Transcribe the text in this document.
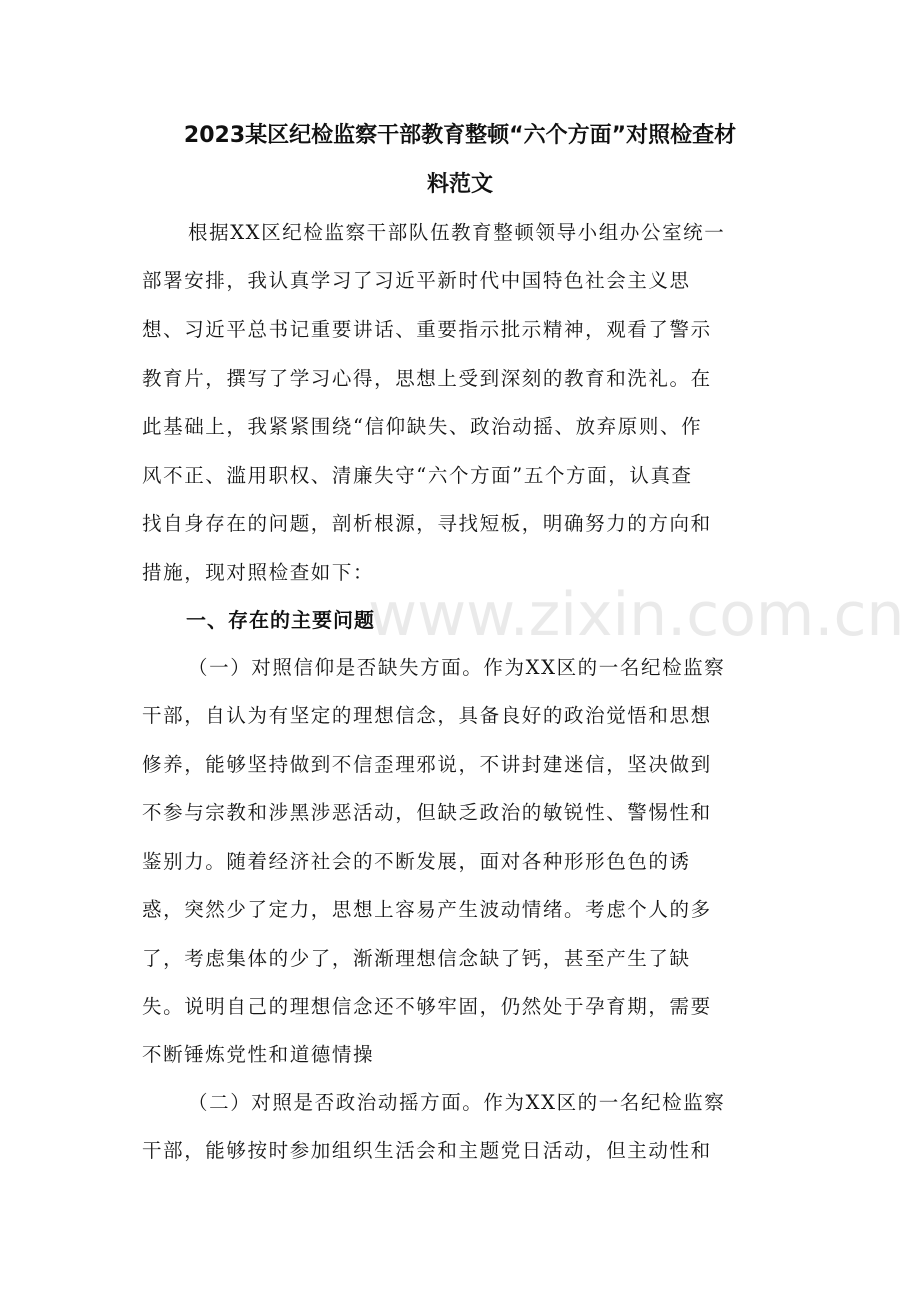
2023某区纪检监察干部教育整顿“六个方面”对照检查材
料范文
根据XX区纪检监察干部队伍教育整顿领导小组办公室统一
部署安排，我认真学习了习近平新时代中国特色社会主义思
想、习近平总书记重要讲话、重要指示批示精神，观看了警示
教育片，撰写了学习心得，思想上受到深刻的教育和洗礼。在
此基础上，我紧紧围绕“信仰缺失、政治动摇、放弃原则、作
风不正、滥用职权、清廉失守“六个方面”五个方面，认真查
找自身存在的问题，剖析根源，寻找短板，明确努力的方向和
措施，现对照检查如下：
一、存在的主要问题
（一）对照信仰是否缺失方面。作为XX区的一名纪检监察
干部，自认为有坚定的理想信念，具备良好的政治觉悟和思想
修养，能够坚持做到不信歪理邪说，不讲封建迷信，坚决做到
不参与宗教和涉黑涉恶活动，但缺乏政治的敏锐性、警惕性和
鉴别力。随着经济社会的不断发展，面对各种形形色色的诱
惑，突然少了定力，思想上容易产生波动情绪。考虑个人的多
了，考虑集体的少了，渐渐理想信念缺了钙，甚至产生了缺
失。说明自己的理想信念还不够牢固，仍然处于孕育期，需要
不断锤炼党性和道德情操
（二）对照是否政治动摇方面。作为XX区的一名纪检监察
干部，能够按时参加组织生活会和主题党日活动，但主动性和
www.zixin.com.cn
